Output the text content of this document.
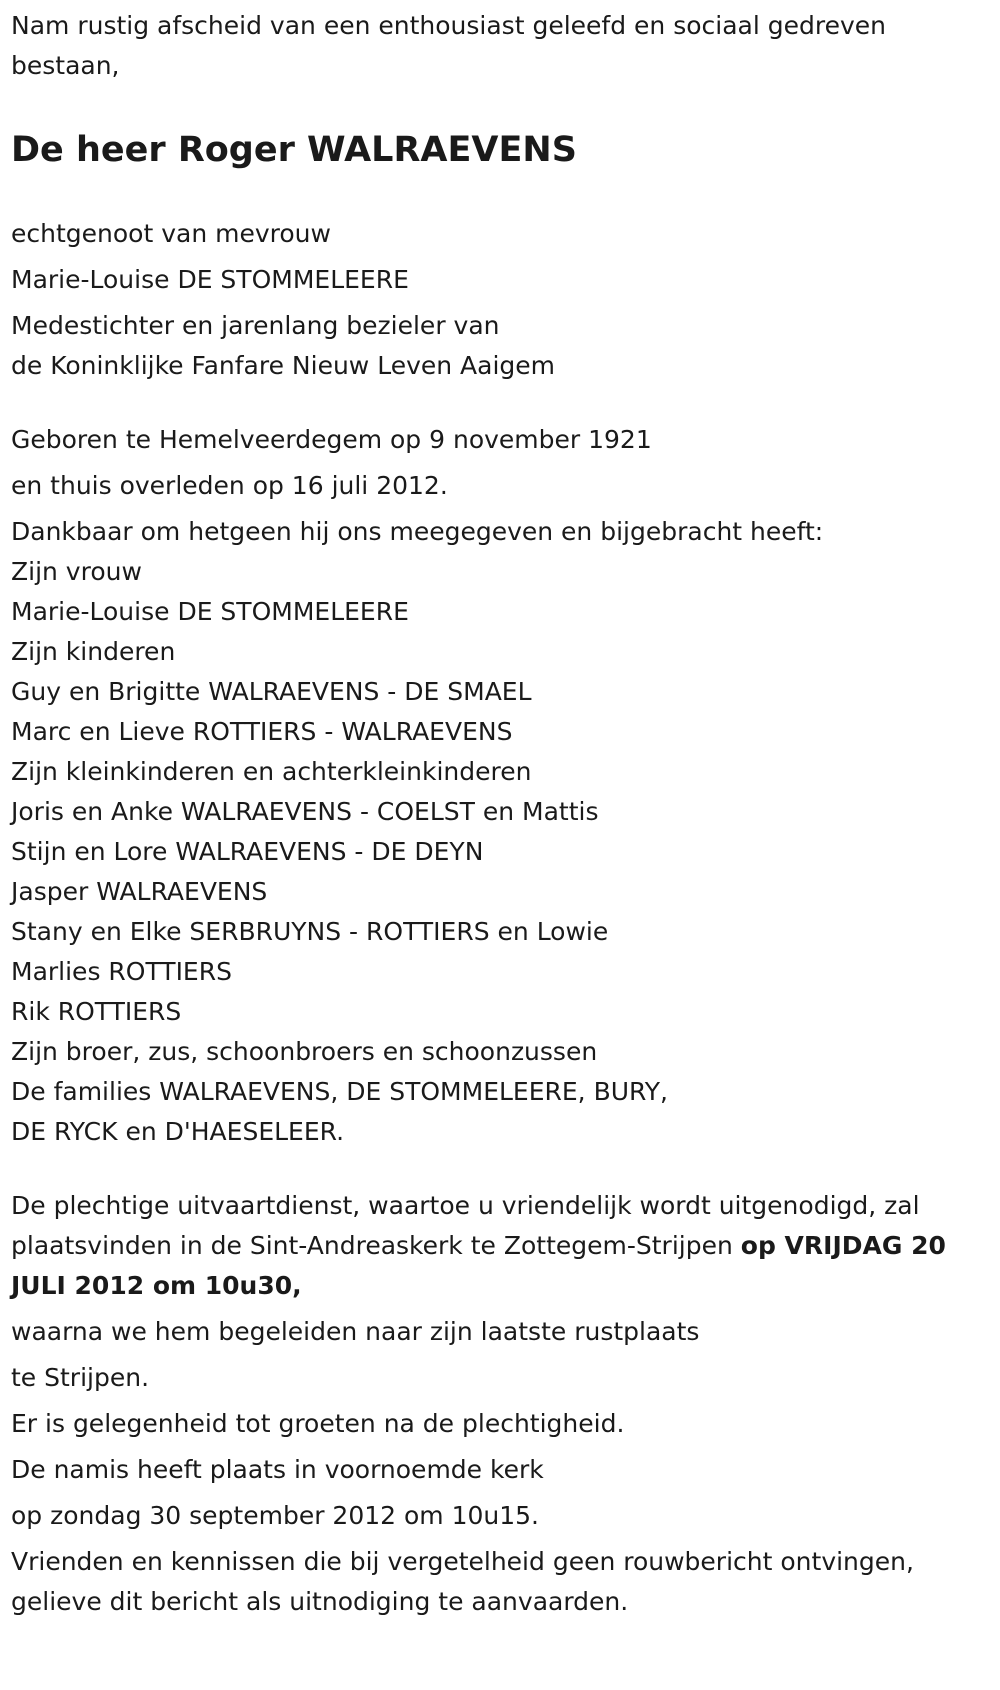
Nam rustig afscheid van een enthousiast geleefd en sociaal gedreven bestaan,

De heer Roger WALRAEVENS

echtgenoot van mevrouw

Marie-Louise DE STOMMELEERE

Medestichter en jarenlang bezieler van
de Koninklijke Fanfare Nieuw Leven Aaigem
Geboren te Hemelveerdegem op 9 november 1921
en thuis overleden op 16 juli 2012.
Dankbaar om hetgeen hij ons meegegeven en bijgebracht heeft:
Zijn vrouw
Marie-Louise DE STOMMELEERE
Zijn kinderen
Guy en Brigitte WALRAEVENS - DE SMAEL
Marc en Lieve ROTTIERS - WALRAEVENS
Zijn kleinkinderen en achterkleinkinderen
Joris en Anke WALRAEVENS - COELST en Mattis
Stijn en Lore WALRAEVENS - DE DEYN
Jasper WALRAEVENS
Stany en Elke SERBRUYNS - ROTTIERS en Lowie
Marlies ROTTIERS
Rik ROTTIERS
Zijn broer, zus, schoonbroers en schoonzussen
De families WALRAEVENS, DE STOMMELEERE, BURY,
DE RYCK en D'HAESELEER.

De plechtige uitvaartdienst, waartoe u vriendelijk wordt uitgenodigd, zal plaatsvinden in de Sint-Andreaskerk te Zottegem-Strijpen op VRIJDAG 20 JULI 2012 om 10u30,

waarna we hem begeleiden naar zijn laatste rustplaats

te Strijpen.

Er is gelegenheid tot groeten na de plechtigheid.

De namis heeft plaats in voornoemde kerk

op zondag 30 september 2012 om 10u15.

Vrienden en kennissen die bij vergetelheid geen rouwbericht ontvingen, gelieve dit bericht als uitnodiging te aanvaarden.
